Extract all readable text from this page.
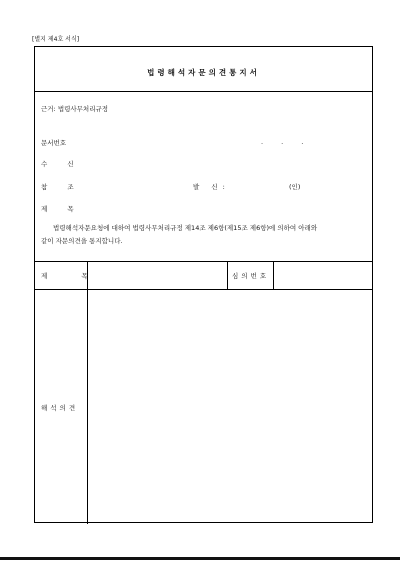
[별지 제4호 서식]
법령해석자문의견통지서
근거: 법령사무처리규정
문서번호	. . .
수 신
참 조	발 신:	(인)
제 목
법령해석자문요청에 대하여 법령사무처리규정 제14조 제6항(제15조 제6항)에 의하여 아래와
같이 자문의견을 통지합니다.
제 목	심의번호
해석의견
